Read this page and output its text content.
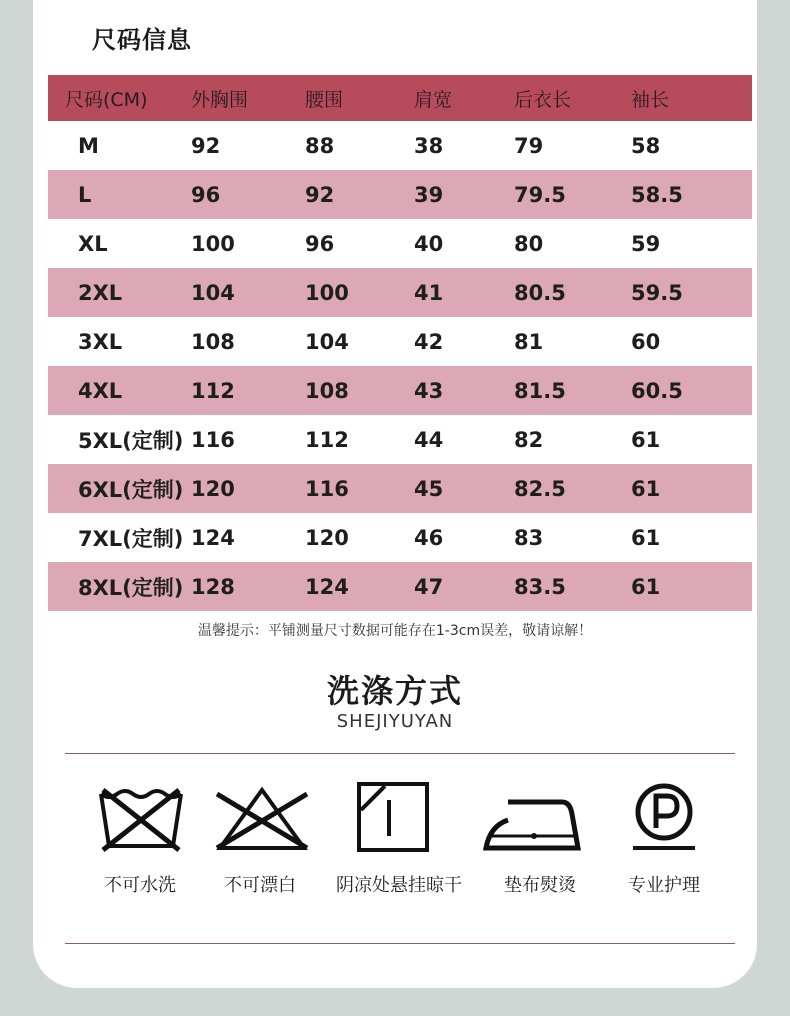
尺码信息
尺码(CM)	外胸围	腰围	肩宽	后衣长	袖长
M	92	88	38	79	58
L	96	92	39	79.5	58.5
XL	100	96	40	80	59
2XL	104	100	41	80.5	59.5
3XL	108	104	42	81	60
4XL	112	108	43	81.5	60.5
5XL(定制)	116	112	44	82	61
6XL(定制)	120	116	45	82.5	61
7XL(定制)	124	120	46	83	61
8XL(定制)	128	124	47	83.5	61
温馨提示：平铺测量尺寸数据可能存在1-3cm误差，敬请谅解！
洗涤方式
SHEJIYUYAN
不可水洗	不可漂白	阴凉处悬挂晾干	垫布熨烫	专业护理
